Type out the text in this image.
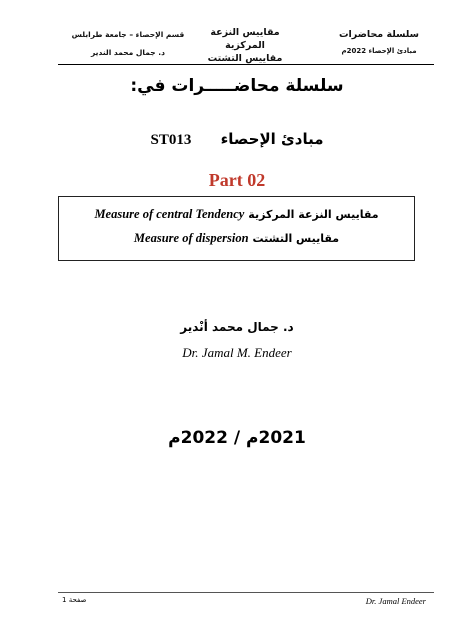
سلسلة محاضرات
مبادئ الإحصاء 2022م
مقاييس النزعة المركزية
مقاييس التشتت
قسم الإحصاء – جامعة طرابلس
د. جمال محمد الندير
سلسلة محاضـــــرات في:
ST013 مبادئ الإحصاء
Part 02
Measure of central Tendency مقاييس النزعة المركزية
Measure of dispersion مقاييس التشتت
د. جمال محمد أنْدير
Dr. Jamal M. Endeer
2021م / 2022م
Dr. Jamal Endeer
صفحة 1
